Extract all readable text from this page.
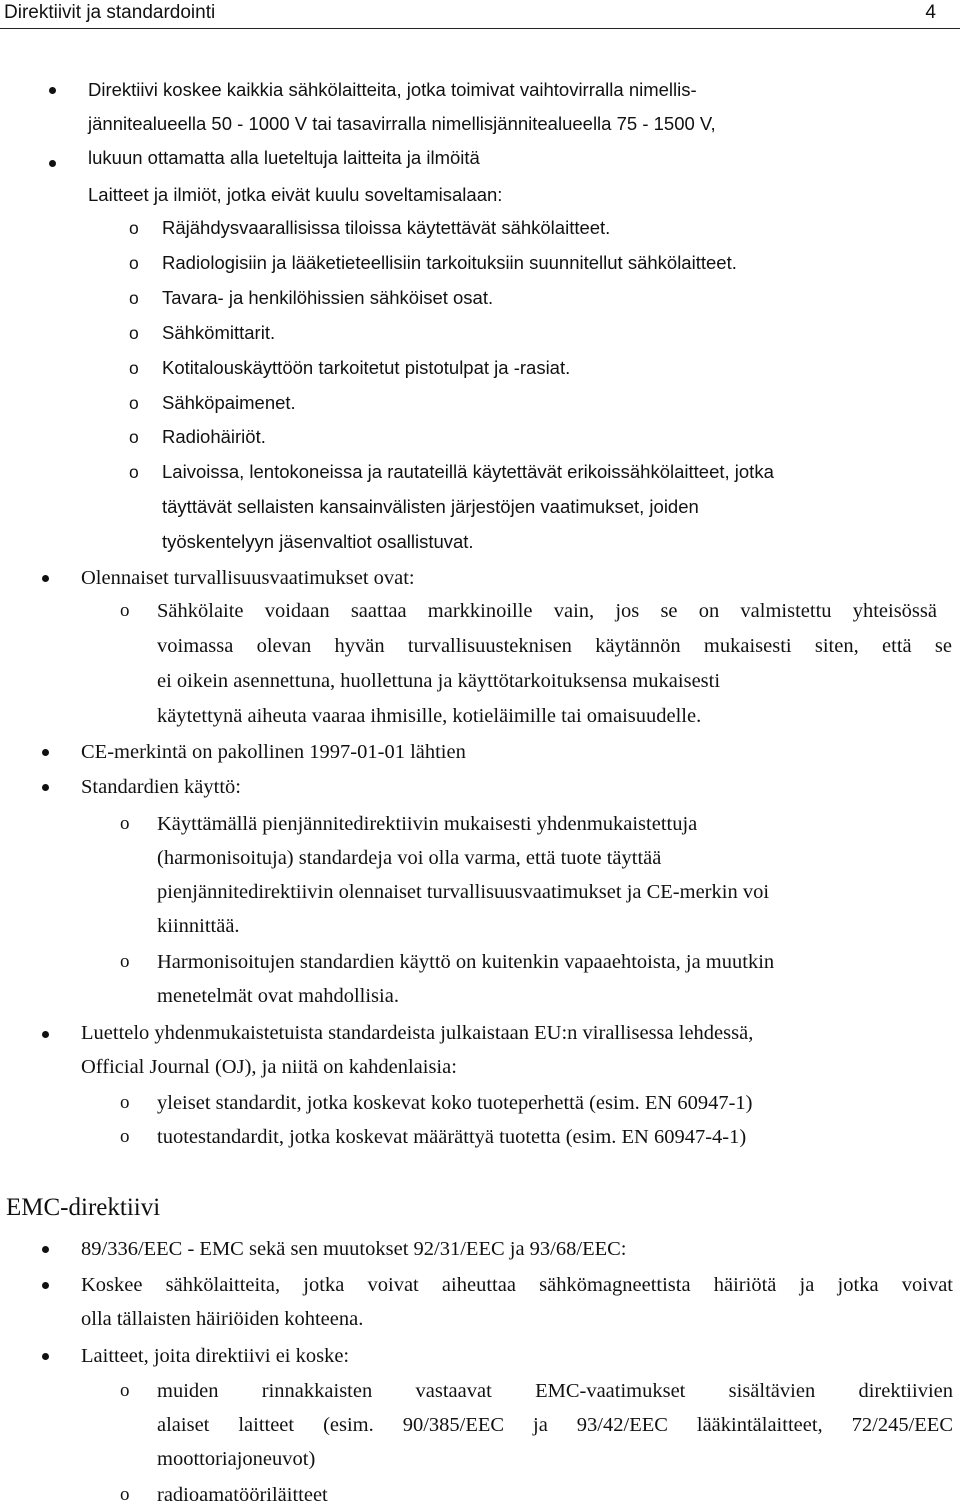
Direktiivit ja standardointi	4
Direktiivi koskee kaikkia sähkölaitteita, jotka toimivat vaihtovirralla nimellis-
jännitealueella 50 - 1000 V tai tasavirralla nimellisjännitealueella 75 - 1500 V,
lukuun ottamatta alla lueteltuja laitteita ja ilmöitä
Laitteet ja ilmiöt, jotka eivät kuulu soveltamisalaan:
o Räjähdysvaarallisissa tiloissa käytettävät sähkölaitteet.
o Radiologisiin ja lääketieteellisiin tarkoituksiin suunnitellut sähkölaitteet.
o Tavara- ja henkilöhissien sähköiset osat.
o Sähkömittarit.
o Kotitalouskäyttöön tarkoitetut pistotulpat ja -rasiat.
o Sähköpaimenet.
o Radiohäiriöt.
o Laivoissa, lentokoneissa ja rautateillä käytettävät erikoissähkölaitteet, jotka
täyttävät sellaisten kansainvälisten järjestöjen vaatimukset, joiden
työskentelyyn jäsenvaltiot osallistuvat.
Olennaiset turvallisuusvaatimukset ovat:
o Sähkölaite voidaan saattaa markkinoille vain, jos se on valmistettu yhteisössä
voimassa olevan hyvän turvallisuusteknisen käytännön mukaisesti siten, että se
ei oikein asennettuna, huollettuna ja käyttötarkoituksensa mukaisesti
käytettynä aiheuta vaaraa ihmisille, kotieläimille tai omaisuudelle.
CE-merkintä on pakollinen 1997-01-01 lähtien
Standardien käyttö:
o Käyttämällä pienjännitedirektiivin mukaisesti yhdenmukaistettuja
(harmonisoituja) standardeja voi olla varma, että tuote täyttää
pienjännitedirektiivin olennaiset turvallisuusvaatimukset ja CE-merkin voi
kiinnittää.
o Harmonisoitujen standardien käyttö on kuitenkin vapaaehtoista, ja muutkin
menetelmät ovat mahdollisia.
Luettelo yhdenmukaistetuista standardeista julkaistaan EU:n virallisessa lehdessä,
Official Journal (OJ), ja niitä on kahdenlaisia:
o yleiset standardit, jotka koskevat koko tuoteperhettä (esim. EN 60947-1)
o tuotestandardit, jotka koskevat määrättyä tuotetta (esim. EN 60947-4-1)
EMC-direktiivi
89/336/EEC - EMC sekä sen muutokset 92/31/EEC ja 93/68/EEC:
Koskee sähkölaitteita, jotka voivat aiheuttaa sähkömagneettista häiriötä ja jotka voivat
olla tällaisten häiriöiden kohteena.
Laitteet, joita direktiivi ei koske:
o muiden rinnakkaisten vastaavat EMC-vaatimukset sisältävien direktiivien
alaiset laitteet (esim. 90/385/EEC ja 93/42/EEC lääkintälaitteet, 72/245/EEC
moottoriajoneuvot)
o radioamatööriläitteet
